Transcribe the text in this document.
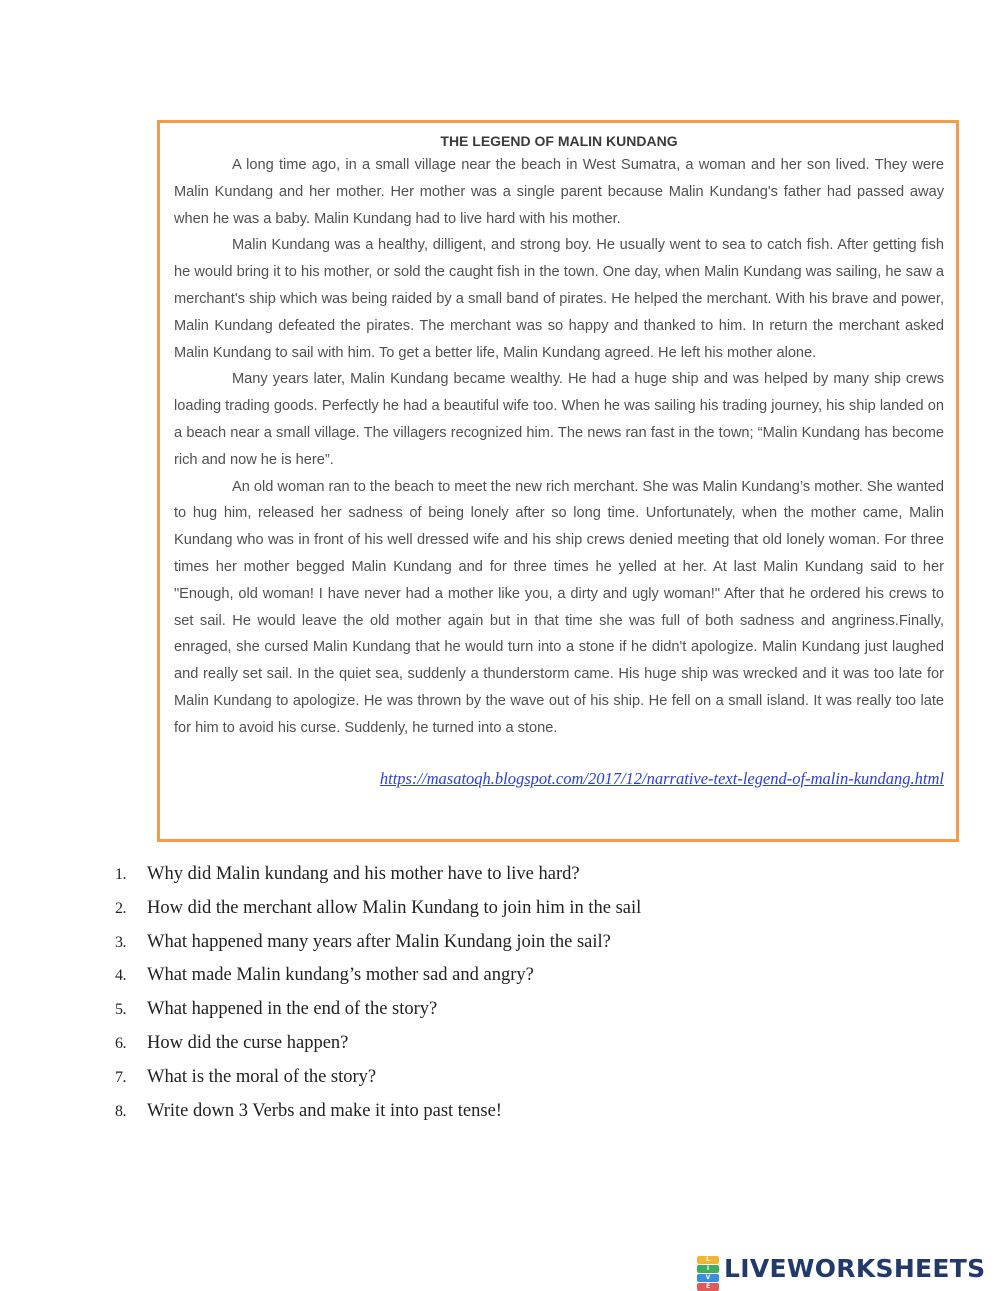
THE LEGEND OF MALIN KUNDANG

A long time ago, in a small village near the beach in West Sumatra, a woman and her son lived. They were Malin Kundang and her mother. Her mother was a single parent because Malin Kundang's father had passed away when he was a baby. Malin Kundang had to live hard with his mother.

Malin Kundang was a healthy, dilligent, and strong boy. He usually went to sea to catch fish. After getting fish he would bring it to his mother, or sold the caught fish in the town. One day, when Malin Kundang was sailing, he saw a merchant's ship which was being raided by a small band of pirates. He helped the merchant. With his brave and power, Malin Kundang defeated the pirates. The merchant was so happy and thanked to him. In return the merchant asked Malin Kundang to sail with him. To get a better life, Malin Kundang agreed. He left his mother alone.

Many years later, Malin Kundang became wealthy. He had a huge ship and was helped by many ship crews loading trading goods. Perfectly he had a beautiful wife too. When he was sailing his trading journey, his ship landed on a beach near a small village. The villagers recognized him. The news ran fast in the town; “Malin Kundang has become rich and now he is here”.

An old woman ran to the beach to meet the new rich merchant. She was Malin Kundang’s mother. She wanted to hug him, released her sadness of being lonely after so long time. Unfortunately, when the mother came, Malin Kundang who was in front of his well dressed wife and his ship crews denied meeting that old lonely woman. For three times her mother begged Malin Kundang and for three times he yelled at her. At last Malin Kundang said to her "Enough, old woman! I have never had a mother like you, a dirty and ugly woman!" After that he ordered his crews to set sail. He would leave the old mother again but in that time she was full of both sadness and angriness.Finally, enraged, she cursed Malin Kundang that he would turn into a stone if he didn't apologize. Malin Kundang just laughed and really set sail. In the quiet sea, suddenly a thunderstorm came. His huge ship was wrecked and it was too late for Malin Kundang to apologize. He was thrown by the wave out of his ship. He fell on a small island. It was really too late for him to avoid his curse. Suddenly, he turned into a stone.

https://masatoqh.blogspot.com/2017/12/narrative-text-legend-of-malin-kundang.html
1.	Why did Malin kundang and his mother have to live hard?
2.	How did the merchant allow Malin Kundang to join him in the sail
3.	What happened many years after Malin Kundang join the sail?
4.	What made Malin kundang’s mother sad and angry?
5.	What happened in the end of the story?
6.	How did the curse happen?
7.	What is the moral of the story?
8.	Write down 3 Verbs and make it into past tense!
L
I
V
E
LIVEWORKSHEETS
